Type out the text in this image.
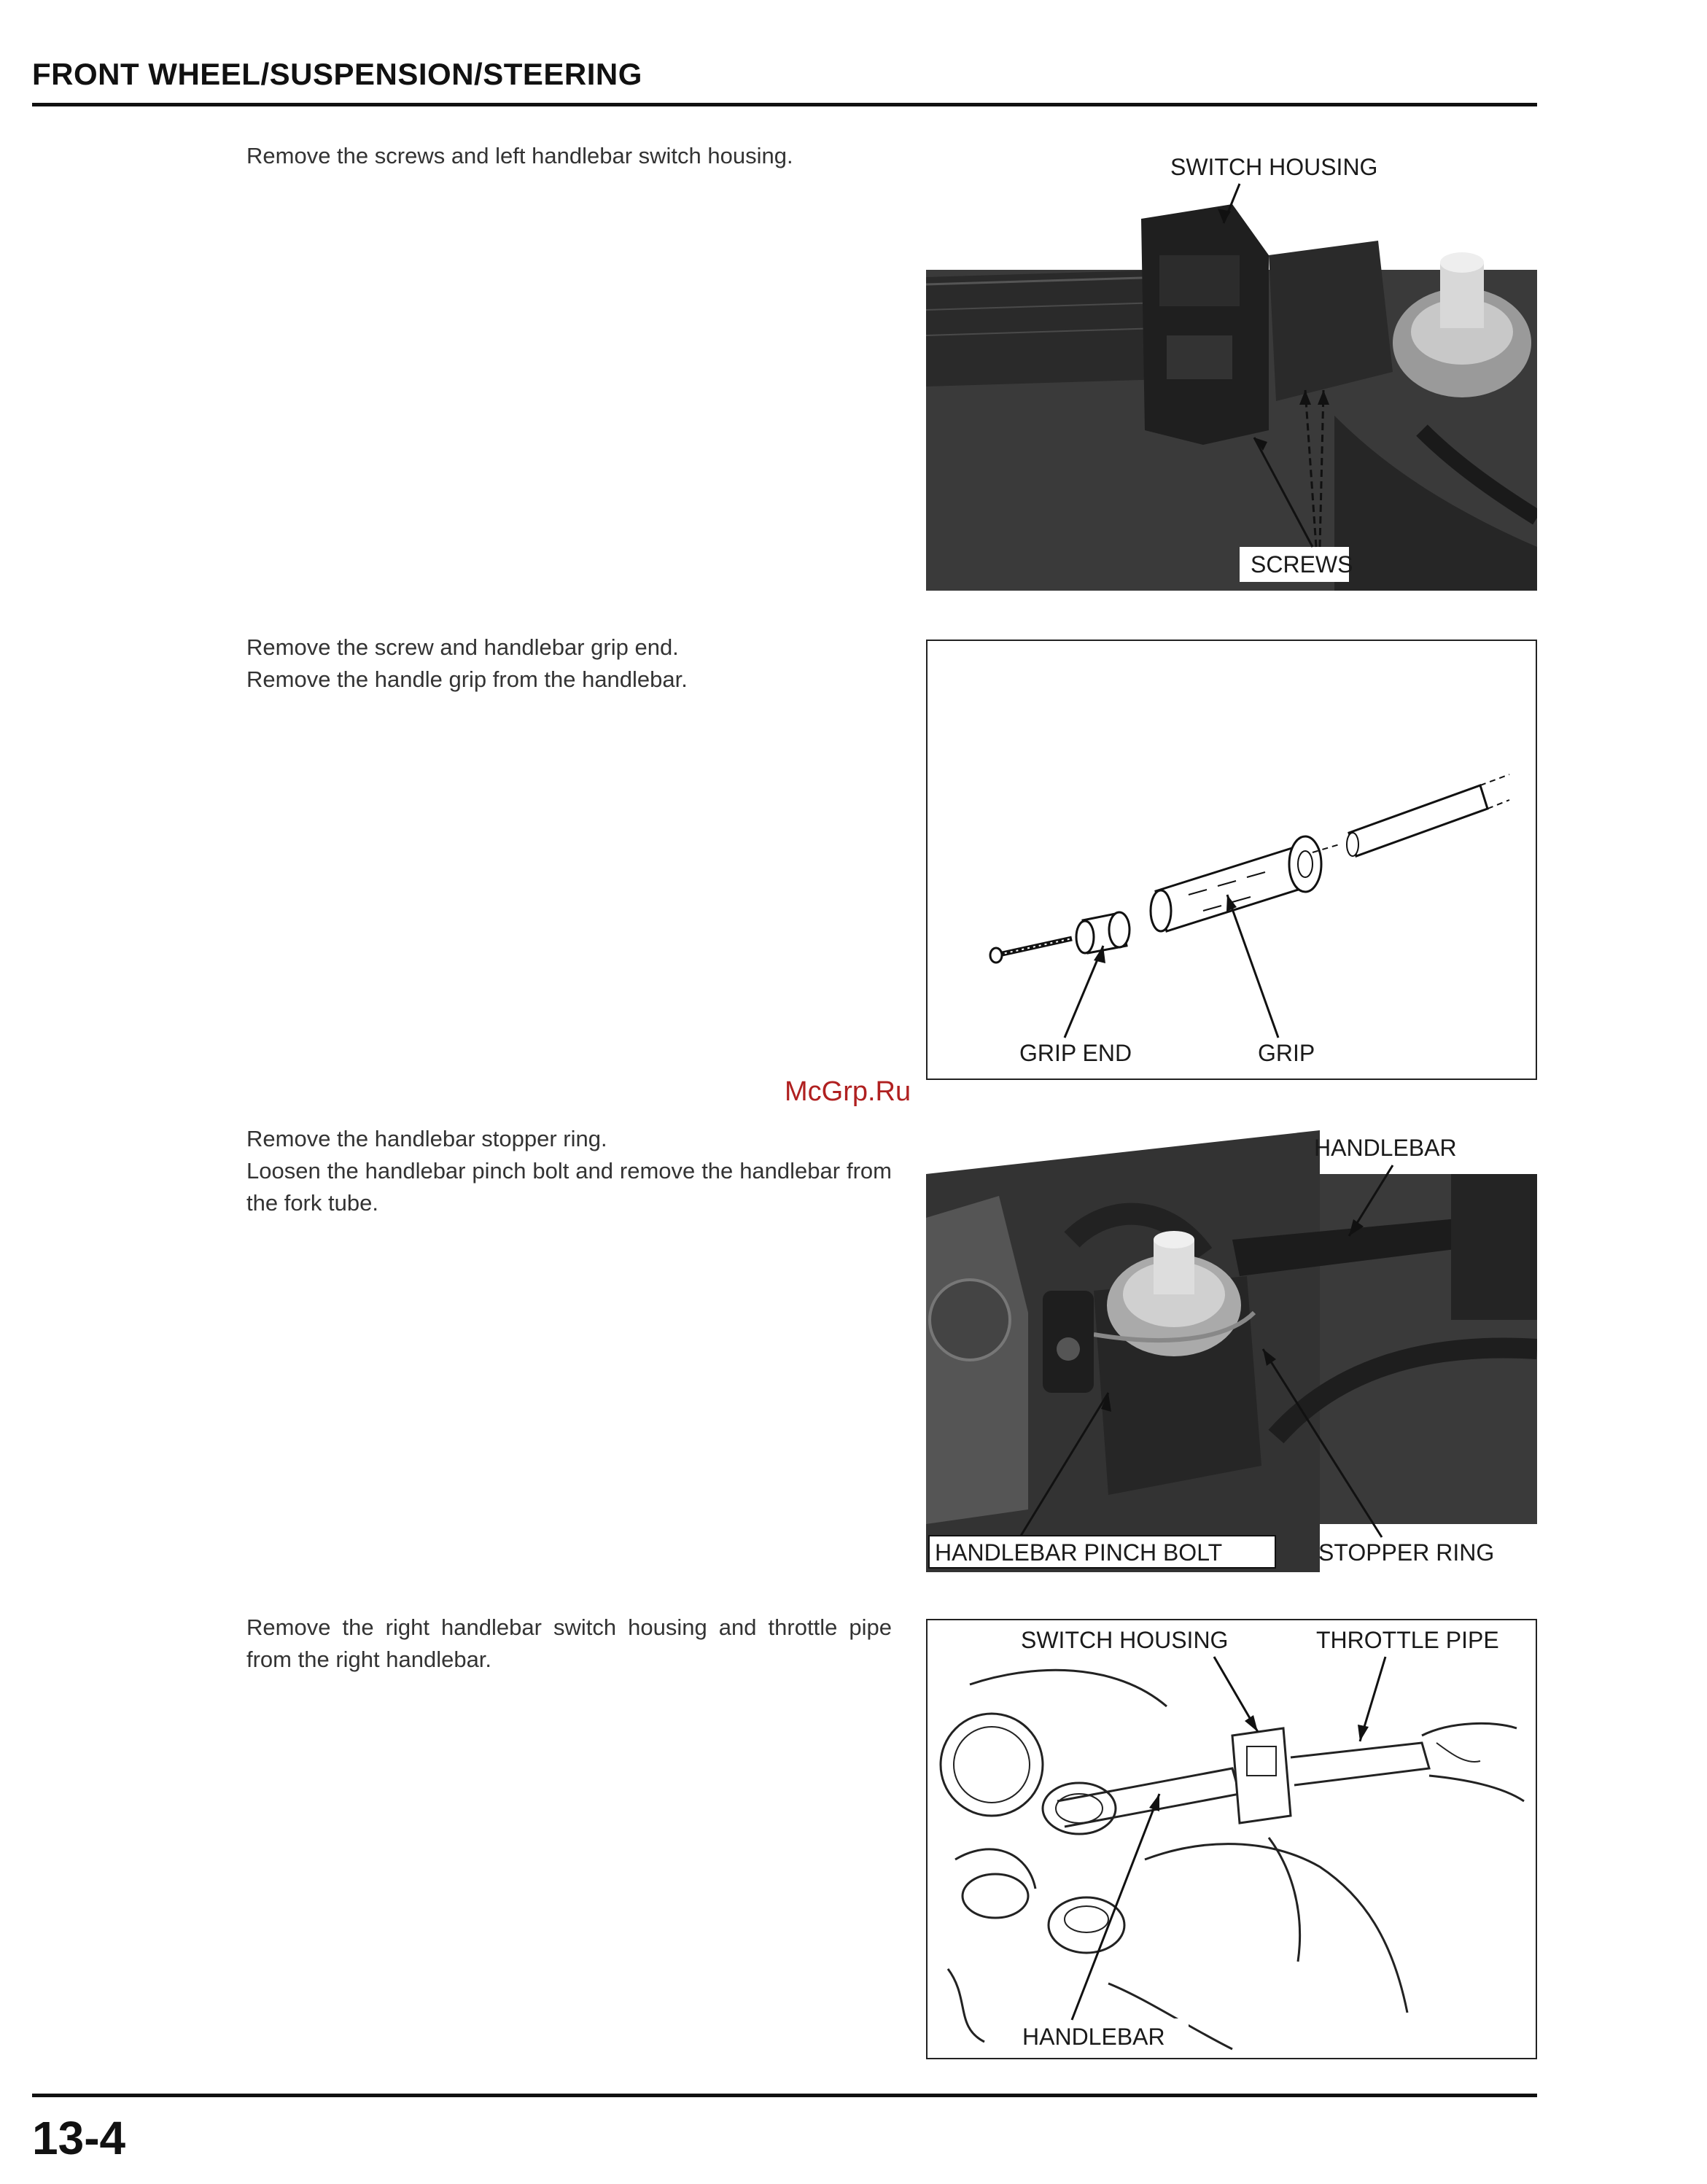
FRONT WHEEL/SUSPENSION/STEERING

Remove the screws and left handlebar switch housing.	SWITCH HOUSING
SCREWS

Remove the screw and handlebar grip end.

Remove the handle grip from the handlebar.

GRIP END	GRIP
McGrp.Ru

Remove the handlebar stopper ring.

Loosen the handlebar pinch bolt and remove the handlebar from the fork tube.

HANDLEBAR
HANDLEBAR PINCH BOLT	STOPPER RING

Remove the right handlebar switch housing and throttle pipe from the right handlebar.

SWITCH HOUSING	THROTTLE PIPE
HANDLEBAR
13-4
